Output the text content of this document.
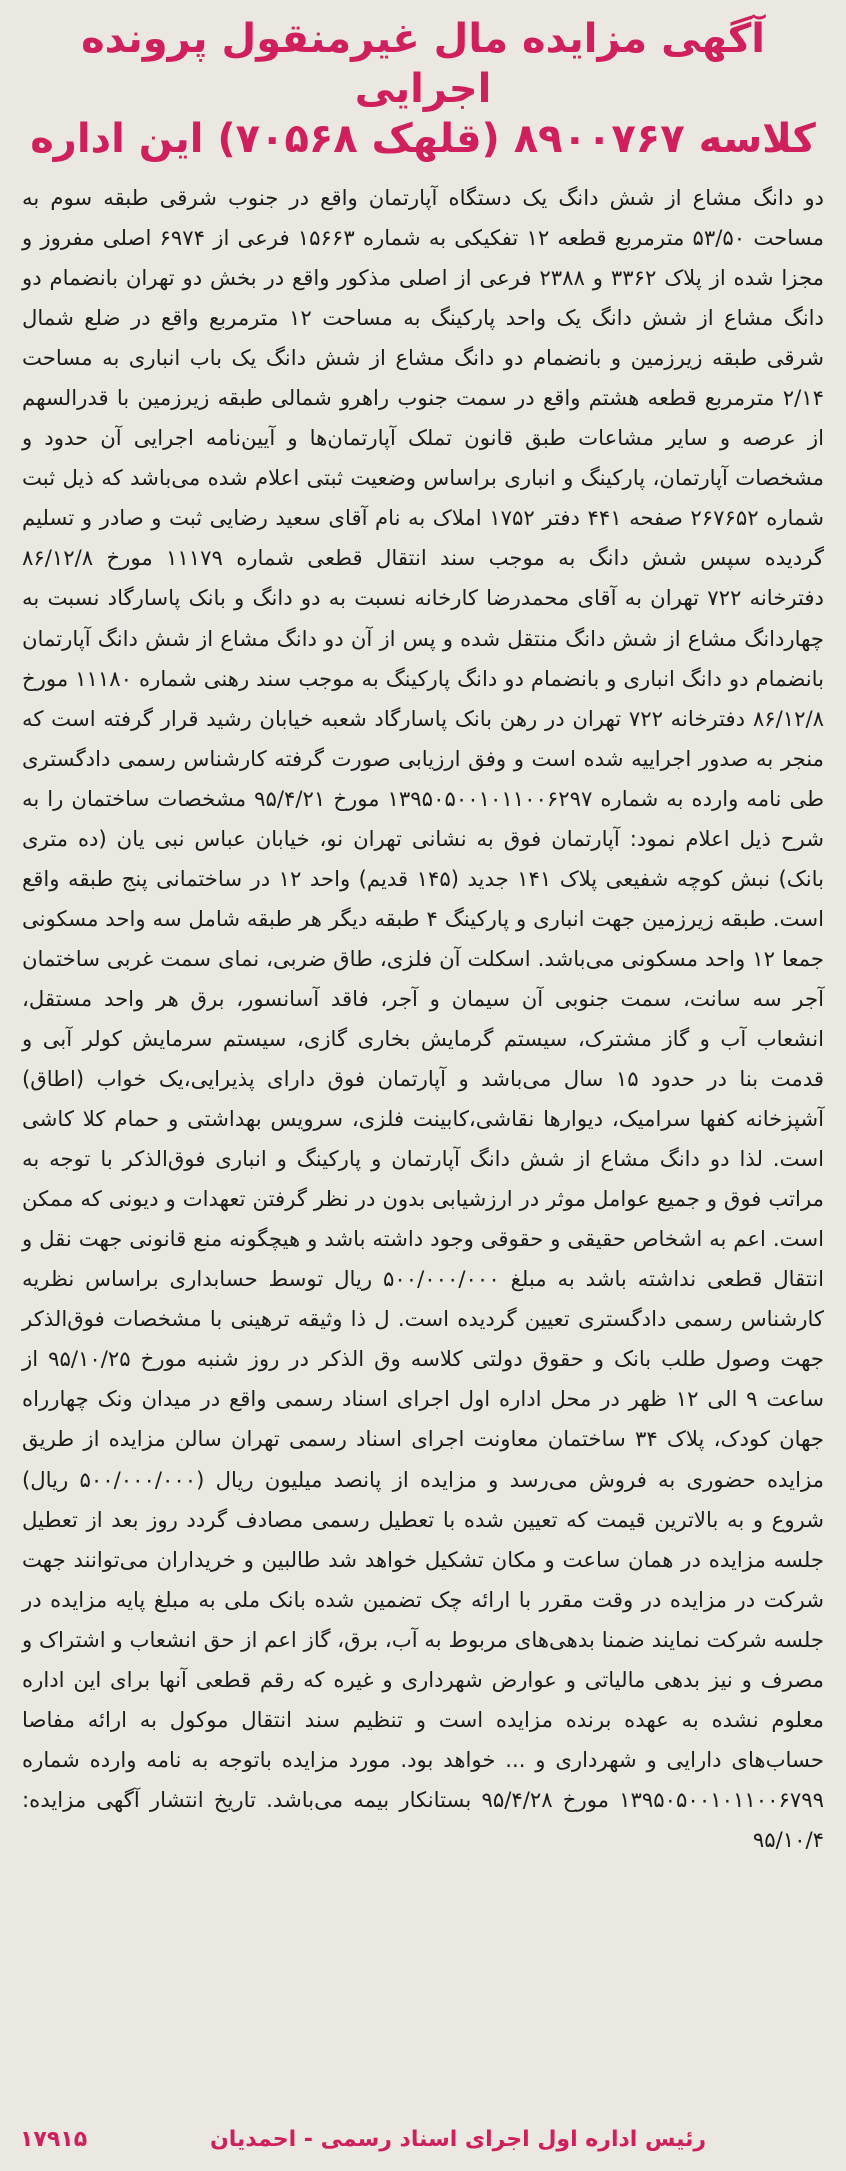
آگهی مزایده مال غیرمنقول پرونده اجرایی
کلاسه ۸۹۰۰۷۶۷ (قلهک ۷۰۵۶۸) این اداره

دو دانگ مشاع از شش دانگ یک دستگاه آپارتمان واقع در جنوب شرقی طبقه سوم به مساحت ۵۳/۵۰ مترمربع قطعه ۱۲ تفکیکی به شماره ۱۵۶۶۳ فرعی از ۶۹۷۴ اصلی مفروز و مجزا شده از پلاک ۳۳۶۲ و ۲۳۸۸ فرعی از اصلی مذکور واقع در بخش دو تهران بانضمام دو دانگ مشاع از شش دانگ یک واحد پارکینگ به مساحت ۱۲ مترمربع واقع در ضلع شمال شرقی طبقه زیرزمین و بانضمام دو دانگ مشاع از شش دانگ یک باب انباری به مساحت ۲/۱۴ مترمربع قطعه هشتم واقع در سمت جنوب راهرو شمالی طبقه زیرزمین با قدرالسهم از عرصه و سایر مشاعات طبق قانون تملک آپارتمان‌ها و آیین‌نامه اجرایی آن حدود و مشخصات آپارتمان، پارکینگ و انباری براساس وضعیت ثبتی اعلام شده می‌باشد که ذیل ثبت شماره ۲۶۷۶۵۲ صفحه ۴۴۱ دفتر ۱۷۵۲ املاک به نام آقای سعید رضایی ثبت و صادر و تسلیم گردیده سپس شش دانگ به موجب سند انتقال قطعی شماره ۱۱۱۷۹ مورخ ۸۶/۱۲/۸ دفترخانه ۷۲۲ تهران به آقای محمدرضا کارخانه نسبت به دو دانگ و بانک پاسارگاد نسبت به چهاردانگ مشاع از شش دانگ منتقل شده و پس از آن دو دانگ مشاع از شش دانگ آپارتمان بانضمام دو دانگ انباری و بانضمام دو دانگ پارکینگ به موجب سند رهنی شماره ۱۱۱۸۰ مورخ ۸۶/۱۲/۸ دفترخانه ۷۲۲ تهران در رهن بانک پاسارگاد شعبه خیابان رشید قرار گرفته است که منجر به صدور اجراییه شده است و وفق ارزیابی صورت گرفته کارشناس رسمی دادگستری طی نامه وارده به شماره ۱۳۹۵۰۵۰۰۱۰۱۱۰۰۶۲۹۷ مورخ ۹۵/۴/۲۱ مشخصات ساختمان را به شرح ذیل اعلام نمود: آپارتمان فوق به نشانی تهران نو، خیابان عباس نبی یان (ده متری بانک) نبش کوچه شفیعی پلاک ۱۴۱ جدید (۱۴۵ قدیم) واحد ۱۲ در ساختمانی پنج طبقه واقع است. طبقه زیرزمین جهت انباری و پارکینگ ۴ طبقه دیگر هر طبقه شامل سه واحد مسکونی جمعا ۱۲ واحد مسکونی می‌باشد. اسکلت آن فلزی، طاق ضربی، نمای سمت غربی ساختمان آجر سه سانت، سمت جنوبی آن سیمان و آجر، فاقد آسانسور، برق هر واحد مستقل، انشعاب آب و گاز مشترک، سیستم گرمایش بخاری گازی، سیستم سرمایش کولر آبی و قدمت بنا در حدود ۱۵ سال می‌باشد و آپارتمان فوق دارای پذیرایی،یک خواب (اطاق) آشپزخانه کفها سرامیک، دیوارها نقاشی،کابینت فلزی، سرویس بهداشتی و حمام کلا کاشی است. لذا دو دانگ مشاع از شش دانگ آپارتمان و پارکینگ و انباری فوق‌الذکر با توجه به مراتب فوق و جمیع عوامل موثر در ارزشیابی بدون در نظر گرفتن تعهدات و دیونی که ممکن است. اعم به اشخاص حقیقی و حقوقی وجود داشته باشد و هیچگونه منع قانونی جهت نقل و انتقال قطعی نداشته باشد به مبلغ ۵۰۰/۰۰۰/۰۰۰ ریال توسط حسابداری براساس نظریه کارشناس رسمی دادگستری تعیین گردیده است. ل ذا وثیقه ترهینی با مشخصات فوق‌الذکر جهت وصول طلب بانک و حقوق دولتی کلاسه وق الذکر در روز شنبه مورخ ۹۵/۱۰/۲۵ از ساعت ۹ الی ۱۲ ظهر در محل اداره اول اجرای اسناد رسمی واقع در میدان ونک چهارراه جهان کودک، پلاک ۳۴ ساختمان معاونت اجرای اسناد رسمی تهران سالن مزایده از طریق مزایده حضوری به فروش می‌رسد و مزایده از پانصد میلیون ریال (۵۰۰/۰۰۰/۰۰۰ ریال) شروع و به بالاترین قیمت که تعیین شده با تعطیل رسمی مصادف گردد روز بعد از تعطیل جلسه مزایده در همان ساعت و مکان تشکیل خواهد شد طالبین و خریداران می‌توانند جهت شرکت در مزایده در وقت مقرر با ارائه چک تضمین شده بانک ملی به مبلغ پایه مزایده در جلسه شرکت نمایند ضمنا بدهی‌های مربوط به آب، برق، گاز اعم از حق انشعاب و اشتراک و مصرف و نیز بدهی مالیاتی و عوارض شهرداری و غیره که رقم قطعی آنها برای این اداره معلوم نشده به عهده برنده مزایده است و تنظیم سند انتقال موکول به ارائه مفاصا حساب‌های دارایی و شهرداری و ... خواهد بود. مورد مزایده باتوجه به نامه وارده شماره ۱۳۹۵۰۵۰۰۱۰۱۱۰۰۶۷۹۹ مورخ ۹۵/۴/۲۸ بستانکار بیمه می‌باشد. تاریخ انتشار آگهی مزایده: ۹۵/۱۰/۴

رئیس اداره اول اجرای اسناد رسمی - احمدیان
۱۷۹۱۵
